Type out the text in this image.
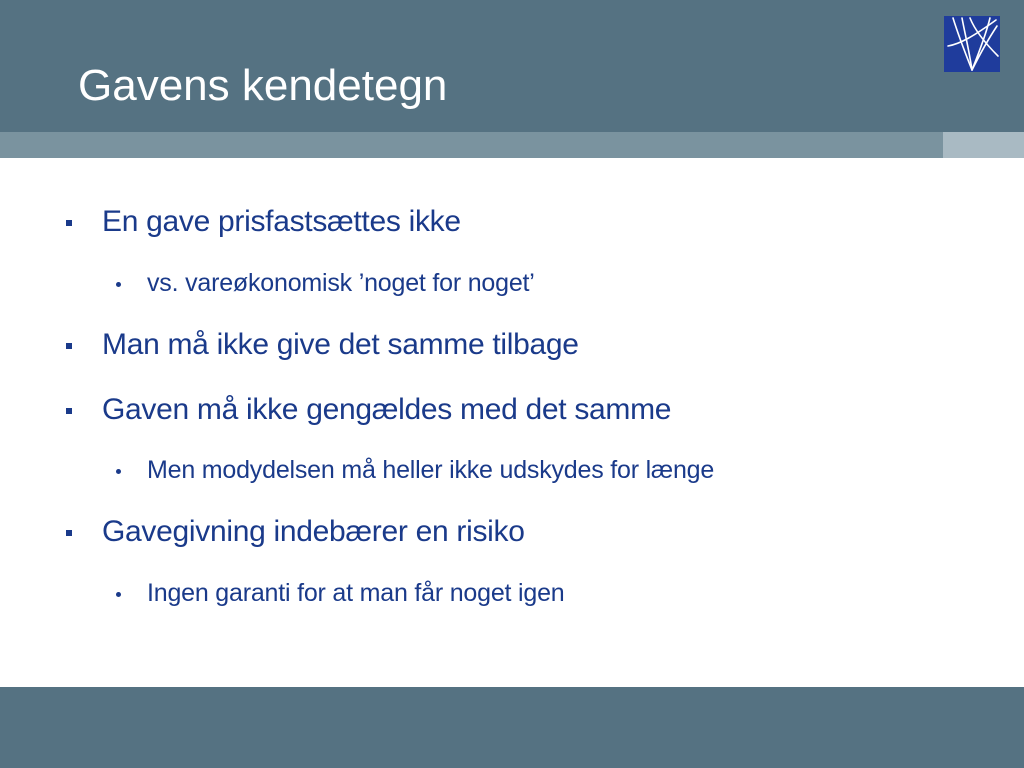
Gavens kendetegn
En gave prisfastsættes ikke
vs. vareøkonomisk ’noget for noget’
Man må ikke give det samme tilbage
Gaven må ikke gengældes med det samme
Men modydelsen må heller ikke udskydes for længe
Gavegivning indebærer en risiko
Ingen garanti for at man får noget igen
